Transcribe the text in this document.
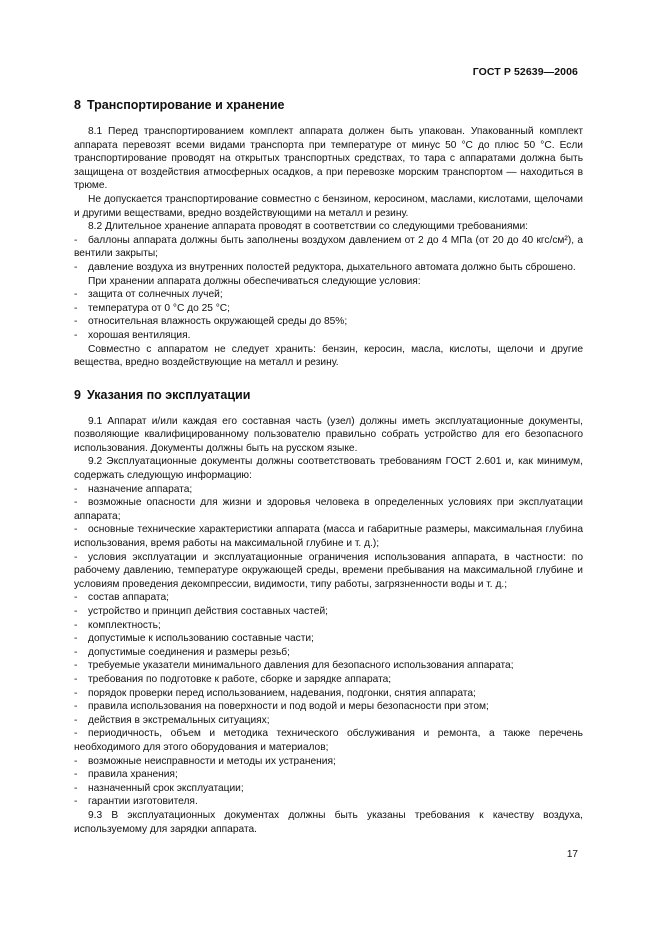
ГОСТ Р 52639—2006
8 Транспортирование и хранение

8.1 Перед транспортированием комплект аппарата должен быть упакован. Упакованный комплект аппарата перевозят всеми видами транспорта при температуре от минус 50 °С до плюс 50 °С. Если транспортирование проводят на открытых транспортных средствах, то тара с аппаратами должна быть защищена от воздействия атмосферных осадков, а при перевозке морским транспортом — находиться в трюме.

Не допускается транспортирование совместно с бензином, керосином, маслами, кислотами, щелочами и другими веществами, вредно воздействующими на металл и резину.

8.2 Длительное хранение аппарата проводят в соответствии со следующими требованиями:

- баллоны аппарата должны быть заполнены воздухом давлением от 2 до 4 МПа (от 20 до 40 кгс/см²), а вентили закрыты;

- давление воздуха из внутренних полостей редуктора, дыхательного автомата должно быть сброшено.

При хранении аппарата должны обеспечиваться следующие условия:

- защита от солнечных лучей;

- температура от 0 °С до 25 °С;

- относительная влажность окружающей среды до 85%;

- хорошая вентиляция.

Совместно с аппаратом не следует хранить: бензин, керосин, масла, кислоты, щелочи и другие вещества, вредно воздействующие на металл и резину.

9 Указания по эксплуатации

9.1 Аппарат и/или каждая его составная часть (узел) должны иметь эксплуатационные документы, позволяющие квалифицированному пользователю правильно собрать устройство для его безопасного использования. Документы должны быть на русском языке.

9.2 Эксплуатационные документы должны соответствовать требованиям ГОСТ 2.601 и, как минимум, содержать следующую информацию:

- назначение аппарата;

- возможные опасности для жизни и здоровья человека в определенных условиях при эксплуатации аппарата;

- основные технические характеристики аппарата (масса и габаритные размеры, максимальная глубина использования, время работы на максимальной глубине и т. д.);

- условия эксплуатации и эксплуатационные ограничения использования аппарата, в частности: по рабочему давлению, температуре окружающей среды, времени пребывания на максимальной глубине и условиям проведения декомпрессии, видимости, типу работы, загрязненности воды и т. д.;

- состав аппарата;

- устройство и принцип действия составных частей;

- комплектность;

- допустимые к использованию составные части;

- допустимые соединения и размеры резьб;

- требуемые указатели минимального давления для безопасного использования аппарата;

- требования по подготовке к работе, сборке и зарядке аппарата;

- порядок проверки перед использованием, надевания, подгонки, снятия аппарата;

- правила использования на поверхности и под водой и меры безопасности при этом;

- действия в экстремальных ситуациях;

- периодичность, объем и методика технического обслуживания и ремонта, а также перечень необходимого для этого оборудования и материалов;

- возможные неисправности и методы их устранения;

- правила хранения;

- назначенный срок эксплуатации;

- гарантии изготовителя.

9.3 В эксплуатационных документах должны быть указаны требования к качеству воздуха, используемому для зарядки аппарата.

17
